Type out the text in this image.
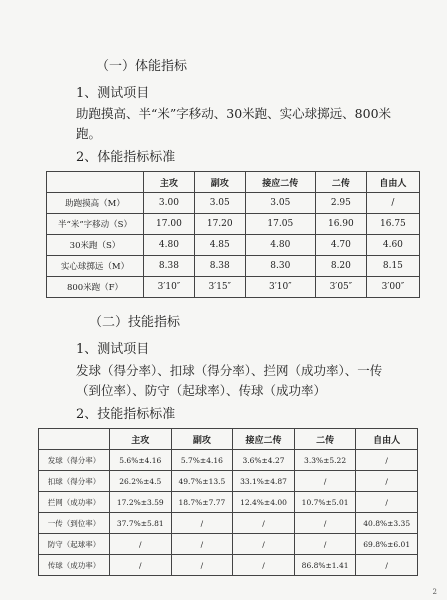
（一）体能指标
1、测试项目
助跑摸高、半“米”字移动、30米跑、实心球掷远、800米跑。
2、体能指标标准
	主攻	副攻	接应二传	二传	自由人
助跑摸高（M）	3.00	3.05	3.05	2.95	/
半“米”字移动（S）	17.00	17.20	17.05	16.90	16.75
30米跑（S）	4.80	4.85	4.80	4.70	4.60
实心球掷远（M）	8.38	8.38	8.30	8.20	8.15
800米跑（F）	3′10″	3′15″	3′10″	3′05″	3′00″
（二）技能指标
1、测试项目
发球（得分率）、扣球（得分率）、拦网（成功率）、一传（到位率）、防守（起球率）、传球（成功率）
2、技能指标标准
	主攻	副攻	接应二传	二传	自由人
发球（得分率）	5.6%±4.16	5.7%±4.16	3.6%±4.27	3.3%±5.22	/
扣球（得分率）	26.2%±4.5	49.7%±13.5	33.1%±4.87	/	/
拦网（成功率）	17.2%±3.59	18.7%±7.77	12.4%±4.00	10.7%±5.01	/
一传（到位率）	37.7%±5.81	/	/	/	40.8%±3.35
防守（起球率）	/	/	/	/	69.8%±6.01
传球（成功率）	/	/	/	86.8%±1.41	/
2
